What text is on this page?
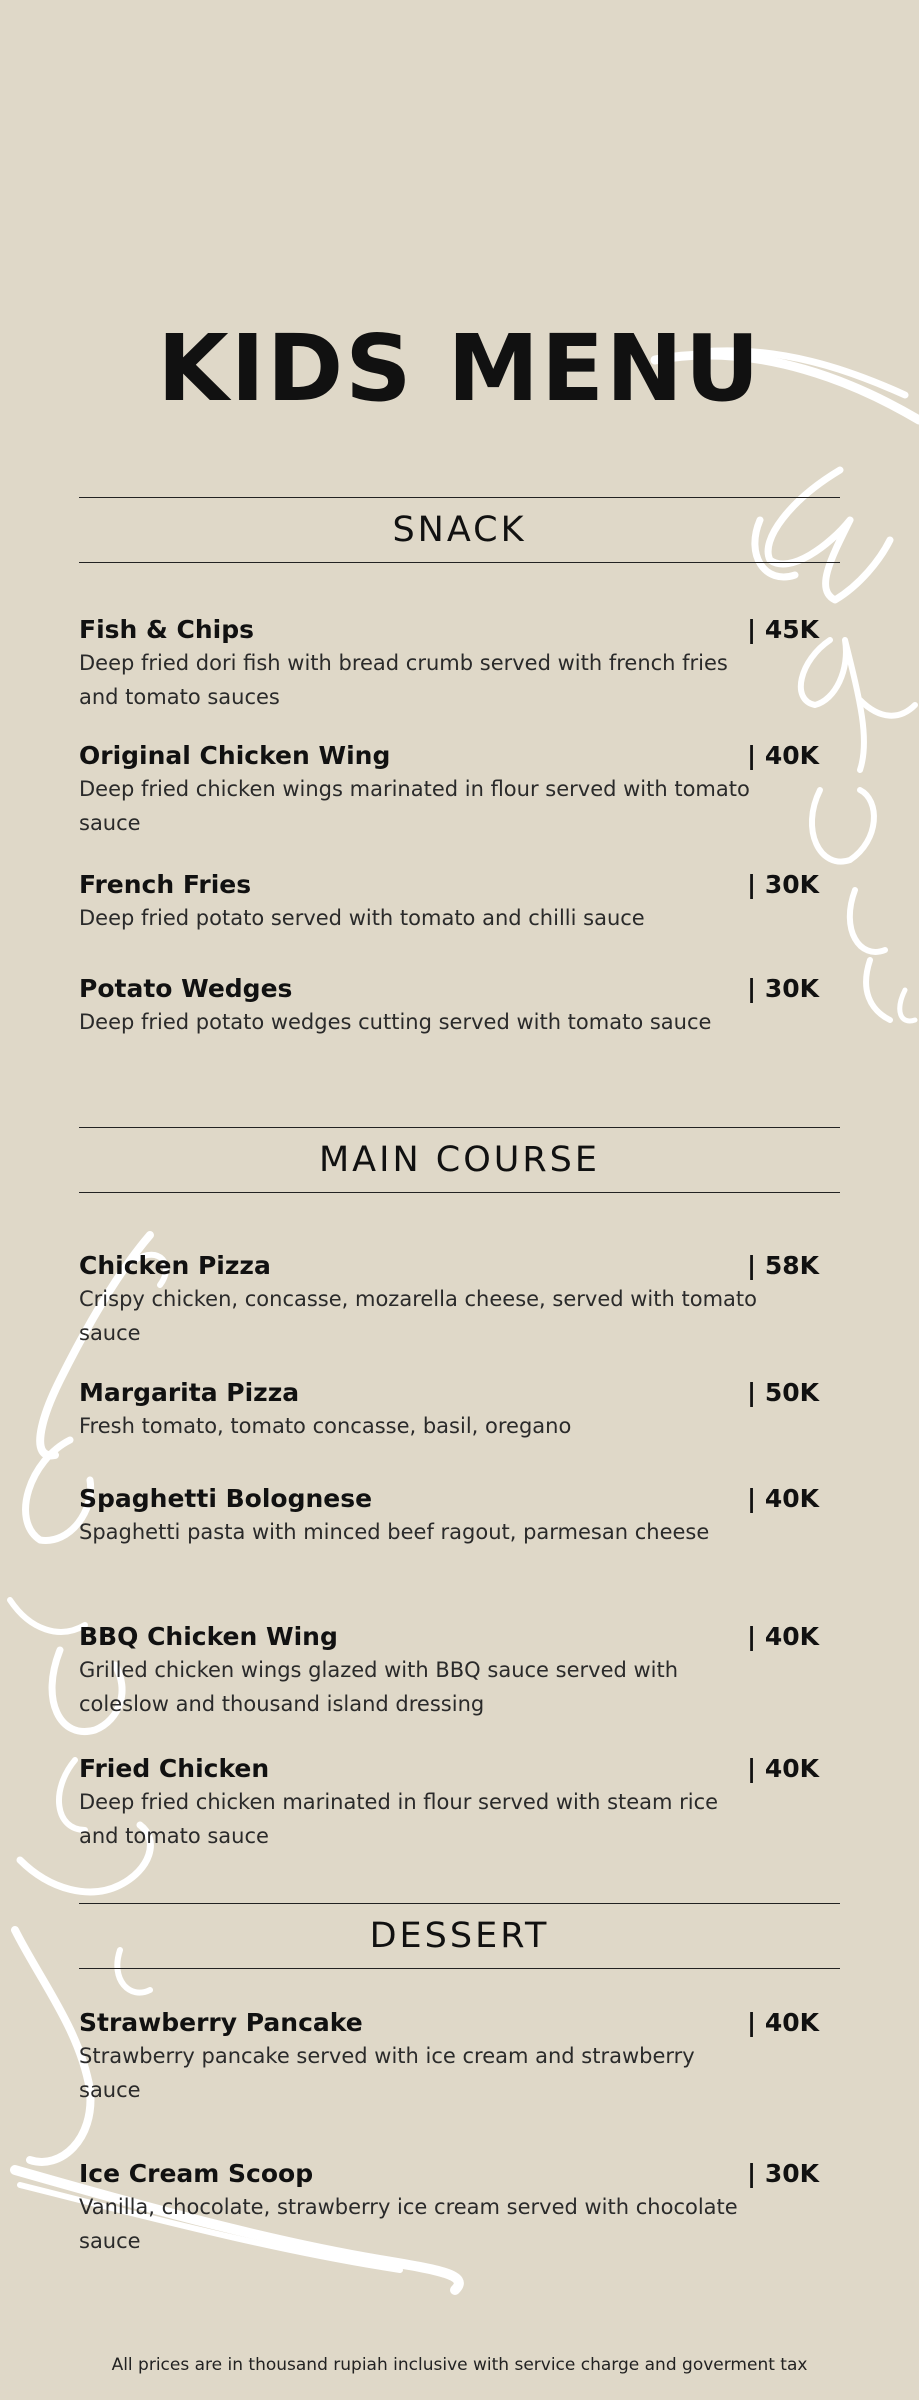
KIDS MENU
SNACK
Fish & Chips	| 45K
Deep fried dori fish with bread crumb served with french fries and tomato sauces
Original Chicken Wing	| 40K
Deep fried chicken wings marinated in flour served with tomato sauce
French Fries	| 30K
Deep fried potato served with tomato and chilli sauce
Potato Wedges	| 30K
Deep fried potato wedges cutting served with tomato sauce
MAIN COURSE
Chicken Pizza	| 58K
Crispy chicken, concasse, mozarella cheese, served with tomato sauce
Margarita Pizza	| 50K
Fresh tomato, tomato concasse, basil, oregano
Spaghetti Bolognese	| 40K
Spaghetti pasta with minced beef ragout, parmesan cheese
BBQ Chicken Wing	| 40K
Grilled chicken wings glazed with BBQ sauce served with coleslow and thousand island dressing
Fried Chicken	| 40K
Deep fried chicken marinated in flour served with steam rice and tomato sauce
DESSERT
Strawberry Pancake	| 40K
Strawberry pancake served with ice cream and strawberry sauce
Ice Cream Scoop	| 30K
Vanilla, chocolate, strawberry ice cream served with chocolate sauce
All prices are in thousand rupiah inclusive with service charge and goverment tax
